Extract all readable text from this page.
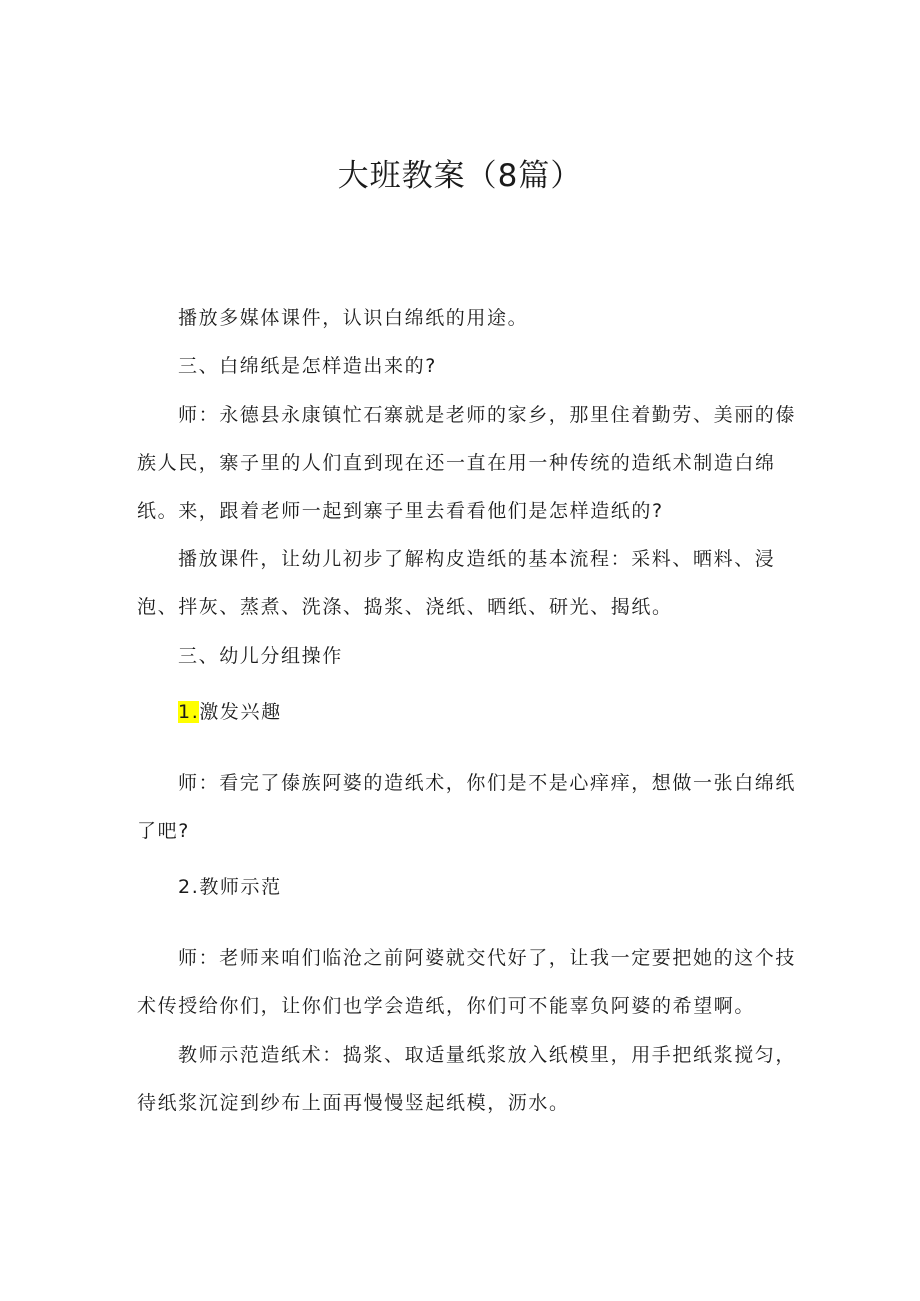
大班教案（8篇）

播放多媒体课件，认识白绵纸的用途。

三、白绵纸是怎样造出来的?

师：永德县永康镇忙石寨就是老师的家乡，那里住着勤劳、美丽的傣族人民，寨子里的人们直到现在还一直在用一种传统的造纸术制造白绵纸。来，跟着老师一起到寨子里去看看他们是怎样造纸的?

播放课件，让幼儿初步了解构皮造纸的基本流程：采料、晒料、浸泡、拌灰、蒸煮、洗涤、捣浆、浇纸、晒纸、研光、揭纸。

三、幼儿分组操作

1.激发兴趣

师：看完了傣族阿婆的造纸术，你们是不是心痒痒，想做一张白绵纸了吧?

2.教师示范

师：老师来咱们临沧之前阿婆就交代好了，让我一定要把她的这个技术传授给你们，让你们也学会造纸，你们可不能辜负阿婆的希望啊。

教师示范造纸术：捣浆、取适量纸浆放入纸模里，用手把纸浆搅匀，待纸浆沉淀到纱布上面再慢慢竖起纸模，沥水。
